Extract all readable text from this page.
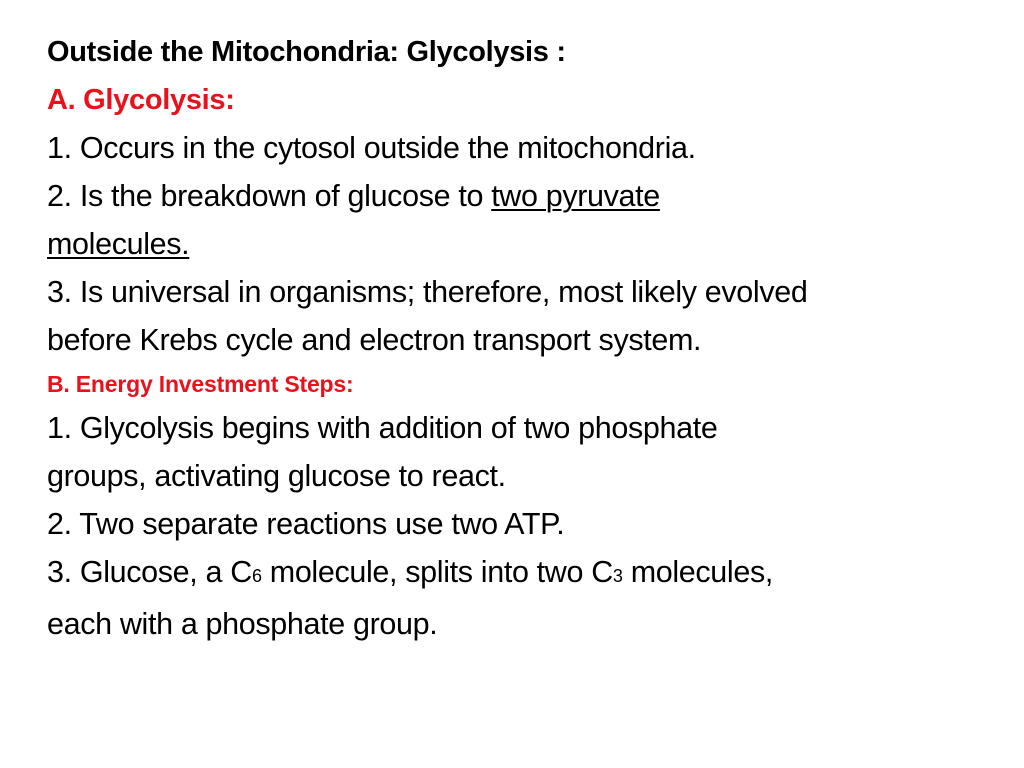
Outside the Mitochondria: Glycolysis :

A. Glycolysis:

1. Occurs in the cytosol outside the mitochondria.

2. Is the breakdown of glucose to two pyruvate
molecules.

3. Is universal in organisms; therefore, most likely evolved
before Krebs cycle and electron transport system.

B. Energy Investment Steps:

1. Glycolysis begins with addition of two phosphate
groups, activating glucose to react.

2. Two separate reactions use two ATP.

3. Glucose, a C6 molecule, splits into two C3 molecules,
each with a phosphate group.
